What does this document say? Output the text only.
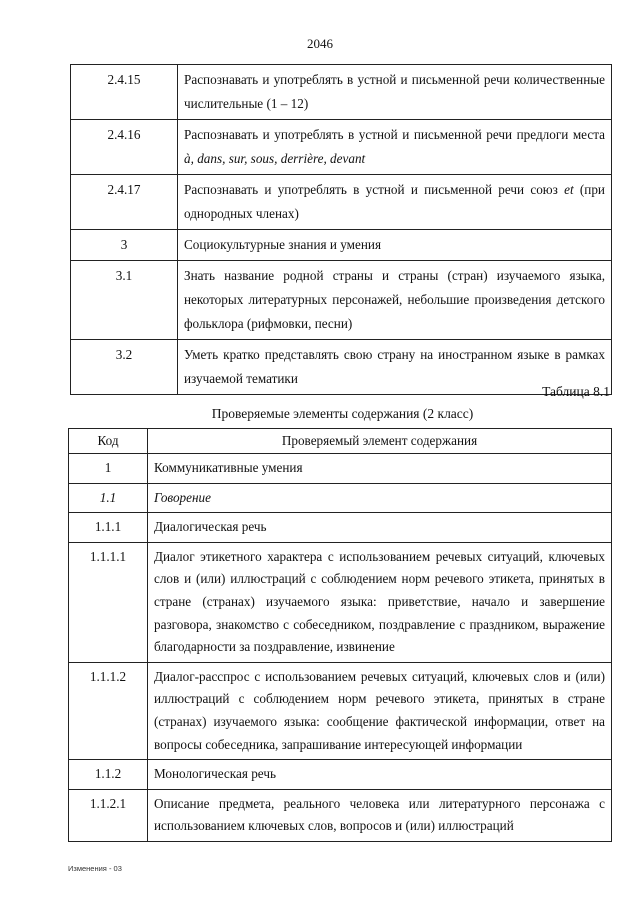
2046
2.4.15	Распознавать и употреблять в устной и письменной речи количественные числительные (1 – 12)
2.4.16	Распознавать и употреблять в устной и письменной речи предлоги места à, dans, sur, sous, derrière, devant
2.4.17	Распознавать и употреблять в устной и письменной речи союз et (при однородных членах)
3	Социокультурные знания и умения
3.1	Знать название родной страны и страны (стран) изучаемого языка, некоторых литературных персонажей, небольшие произведения детского фольклора (рифмовки, песни)
3.2	Уметь кратко представлять свою страну на иностранном языке в рамках изучаемой тематики
Таблица 8.1
Проверяемые элементы содержания (2 класс)
Код	Проверяемый элемент содержания
1	Коммуникативные умения
1.1	Говорение
1.1.1	Диалогическая речь
1.1.1.1	Диалог этикетного характера с использованием речевых ситуаций, ключевых слов и (или) иллюстраций с соблюдением норм речевого этикета, принятых в стране (странах) изучаемого языка: приветствие, начало и завершение разговора, знакомство с собеседником, поздравление с праздником, выражение благодарности за поздравление, извинение
1.1.1.2	Диалог-расспрос с использованием речевых ситуаций, ключевых слов и (или) иллюстраций с соблюдением норм речевого этикета, принятых в стране (странах) изучаемого языка: сообщение фактической информации, ответ на вопросы собеседника, запрашивание интересующей информации
1.1.2	Монологическая речь
1.1.2.1	Описание предмета, реального человека или литературного персонажа с использованием ключевых слов, вопросов и (или) иллюстраций
Изменения - 03
